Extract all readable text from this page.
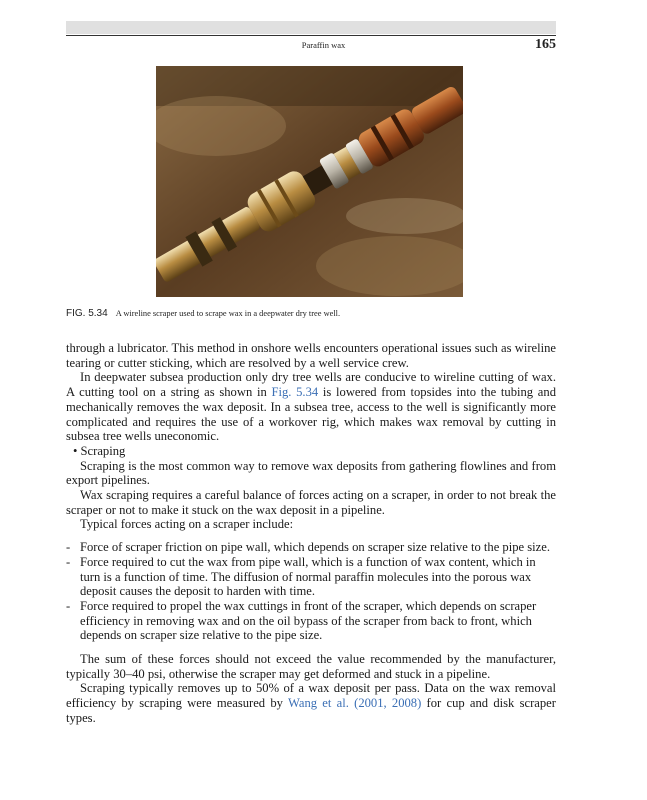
Paraffin wax	165
FIG. 5.34 A wireline scraper used to scrape wax in a deepwater dry tree well.

through a lubricator. This method in onshore wells encounters operational issues such as wireline tearing or cutter sticking, which are resolved by a well service crew.

In deepwater subsea production only dry tree wells are conducive to wireline cutting of wax. A cutting tool on a string as shown in Fig. 5.34 is lowered from topsides into the tubing and mechanically removes the wax deposit. In a subsea tree, access to the well is significantly more complicated and requires the use of a workover rig, which makes wax removal by cutting in subsea tree wells uneconomic.

• Scraping

Scraping is the most common way to remove wax deposits from gathering flowlines and from export pipelines.

Wax scraping requires a careful balance of forces acting on a scraper, in order to not break the scraper or not to make it stuck on the wax deposit in a pipeline.

Typical forces acting on a scraper include:

- Force of scraper friction on pipe wall, which depends on scraper size relative to the pipe size.
- Force required to cut the wax from pipe wall, which is a function of wax content, which in turn is a function of time. The diffusion of normal paraffin molecules into the porous wax deposit causes the deposit to harden with time.
- Force required to propel the wax cuttings in front of the scraper, which depends on scraper efficiency in removing wax and on the oil bypass of the scraper from back to front, which depends on scraper size relative to the pipe size.

The sum of these forces should not exceed the value recommended by the manufacturer, typically 30–40 psi, otherwise the scraper may get deformed and stuck in a pipeline.

Scraping typically removes up to 50% of a wax deposit per pass. Data on the wax removal efficiency by scraping were measured by Wang et al. (2001, 2008) for cup and disk scraper types.
